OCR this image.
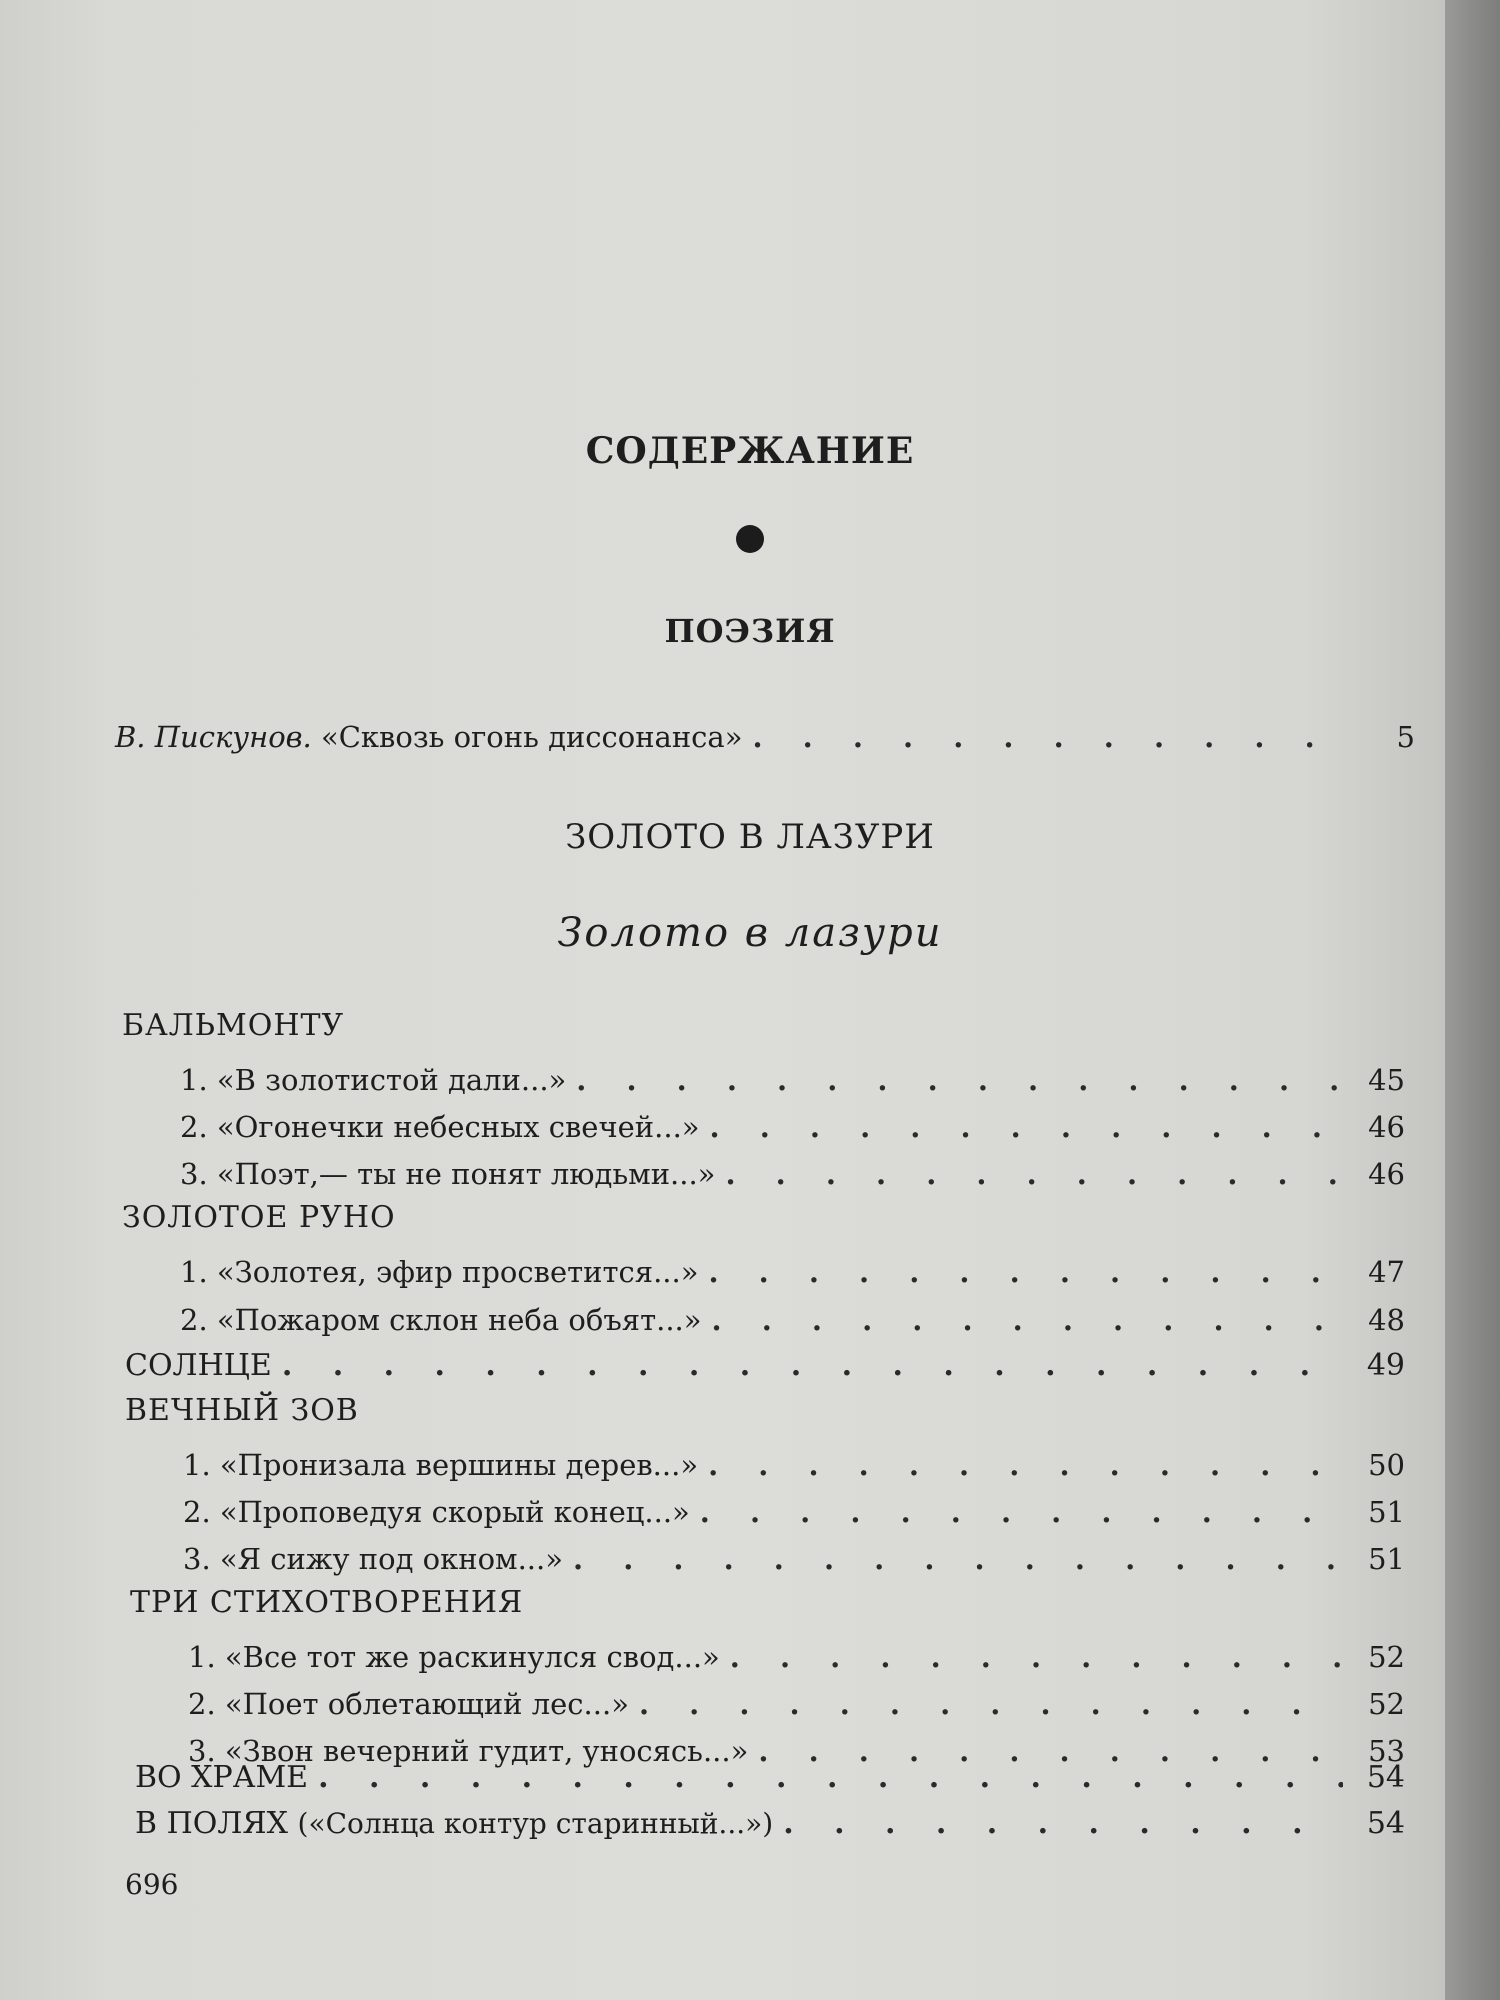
СОДЕРЖАНИЕ
ПОЭЗИЯ
В. Пискунов. «Сквозь огонь диссонанса» . . .	5
ЗОЛОТО В ЛАЗУРИ
Золото в лазури
БАЛЬМОНТУ
1. «В золотистой дали...» . . .	45
2. «Огонечки небесных свечей...» . . .	46
3. «Поэт,— ты не понят людьми...» . . .	46
ЗОЛОТОЕ РУНО
1. «Золотея, эфир просветится...» . . .	47
2. «Пожаром склон неба объят...» . . .	48
СОЛНЦЕ . . .	49
ВЕЧНЫЙ ЗОВ
1. «Пронизала вершины дерев...» . . .	50
2. «Проповедуя скорый конец...» . . .	51
3. «Я сижу под окном...» . . .	51
ТРИ СТИХОТВОРЕНИЯ
1. «Все тот же раскинулся свод...» . . .	52
2. «Поет облетающий лес...» . . .	52
3. «Звон вечерний гудит, уносясь...» . . .	53
ВО ХРАМЕ . . .	54
В ПОЛЯХ («Солнца контур старинный...») . . .	54
696
